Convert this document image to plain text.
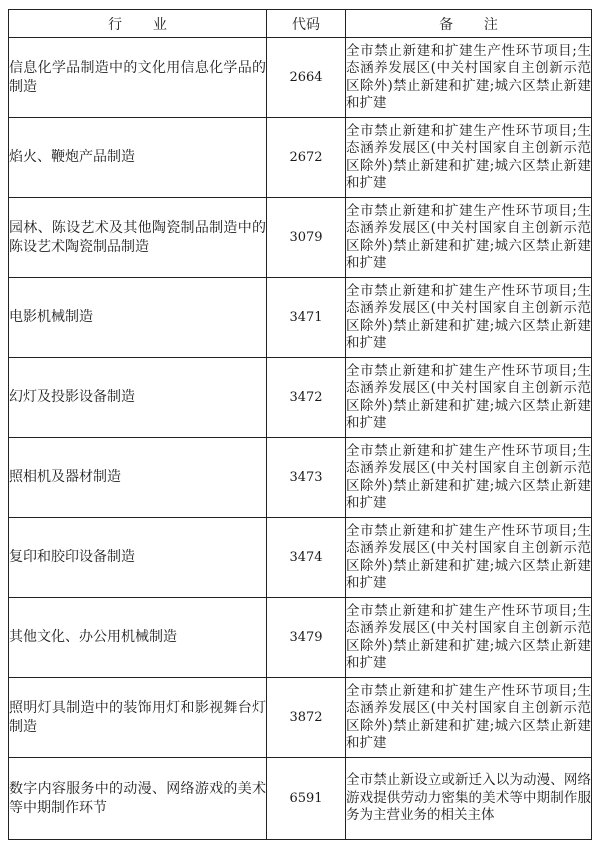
行业	代码	备注
信息化学品制造中的文化用信息化学品的制造	2664	全市禁止新建和扩建生产性环节项目;生态涵养发展区(中关村国家自主创新示范区除外)禁止新建和扩建;城六区禁止新建和扩建
焰火、鞭炮产品制造	2672	全市禁止新建和扩建生产性环节项目;生态涵养发展区(中关村国家自主创新示范区除外)禁止新建和扩建;城六区禁止新建和扩建
园林、陈设艺术及其他陶瓷制品制造中的陈设艺术陶瓷制品制造	3079	全市禁止新建和扩建生产性环节项目;生态涵养发展区(中关村国家自主创新示范区除外)禁止新建和扩建;城六区禁止新建和扩建
电影机械制造	3471	全市禁止新建和扩建生产性环节项目;生态涵养发展区(中关村国家自主创新示范区除外)禁止新建和扩建;城六区禁止新建和扩建
幻灯及投影设备制造	3472	全市禁止新建和扩建生产性环节项目;生态涵养发展区(中关村国家自主创新示范区除外)禁止新建和扩建;城六区禁止新建和扩建
照相机及器材制造	3473	全市禁止新建和扩建生产性环节项目;生态涵养发展区(中关村国家自主创新示范区除外)禁止新建和扩建;城六区禁止新建和扩建
复印和胶印设备制造	3474	全市禁止新建和扩建生产性环节项目;生态涵养发展区(中关村国家自主创新示范区除外)禁止新建和扩建;城六区禁止新建和扩建
其他文化、办公用机械制造	3479	全市禁止新建和扩建生产性环节项目;生态涵养发展区(中关村国家自主创新示范区除外)禁止新建和扩建;城六区禁止新建和扩建
照明灯具制造中的装饰用灯和影视舞台灯制造	3872	全市禁止新建和扩建生产性环节项目;生态涵养发展区(中关村国家自主创新示范区除外)禁止新建和扩建;城六区禁止新建和扩建
数字内容服务中的动漫、网络游戏的美术等中期制作环节	6591	全市禁止新设立或新迁入以为动漫、网络游戏提供劳动力密集的美术等中期制作服务为主营业务的相关主体
